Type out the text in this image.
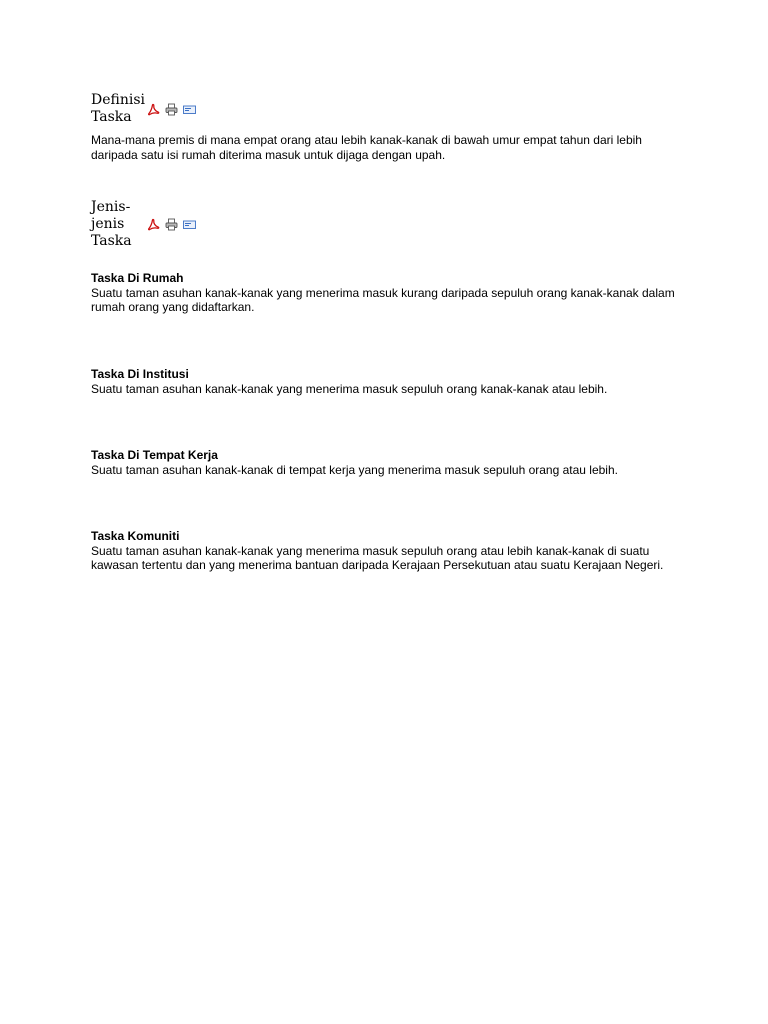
Definisi
Taska

Mana-mana premis di mana empat orang atau lebih kanak-kanak di bawah umur empat tahun dari lebih daripada satu isi rumah diterima masuk untuk dijaga dengan upah.

Jenis-
jenis
Taska

Taska Di Rumah
Suatu taman asuhan kanak-kanak yang menerima masuk kurang daripada sepuluh orang kanak-kanak dalam rumah orang yang didaftarkan.

Taska Di Institusi
Suatu taman asuhan kanak-kanak yang menerima masuk sepuluh orang kanak-kanak atau lebih.

Taska Di Tempat Kerja
Suatu taman asuhan kanak-kanak di tempat kerja yang menerima masuk sepuluh orang atau lebih.

Taska Komuniti
Suatu taman asuhan kanak-kanak yang menerima masuk sepuluh orang atau lebih kanak-kanak di suatu kawasan tertentu dan yang menerima bantuan daripada Kerajaan Persekutuan atau suatu Kerajaan Negeri.
